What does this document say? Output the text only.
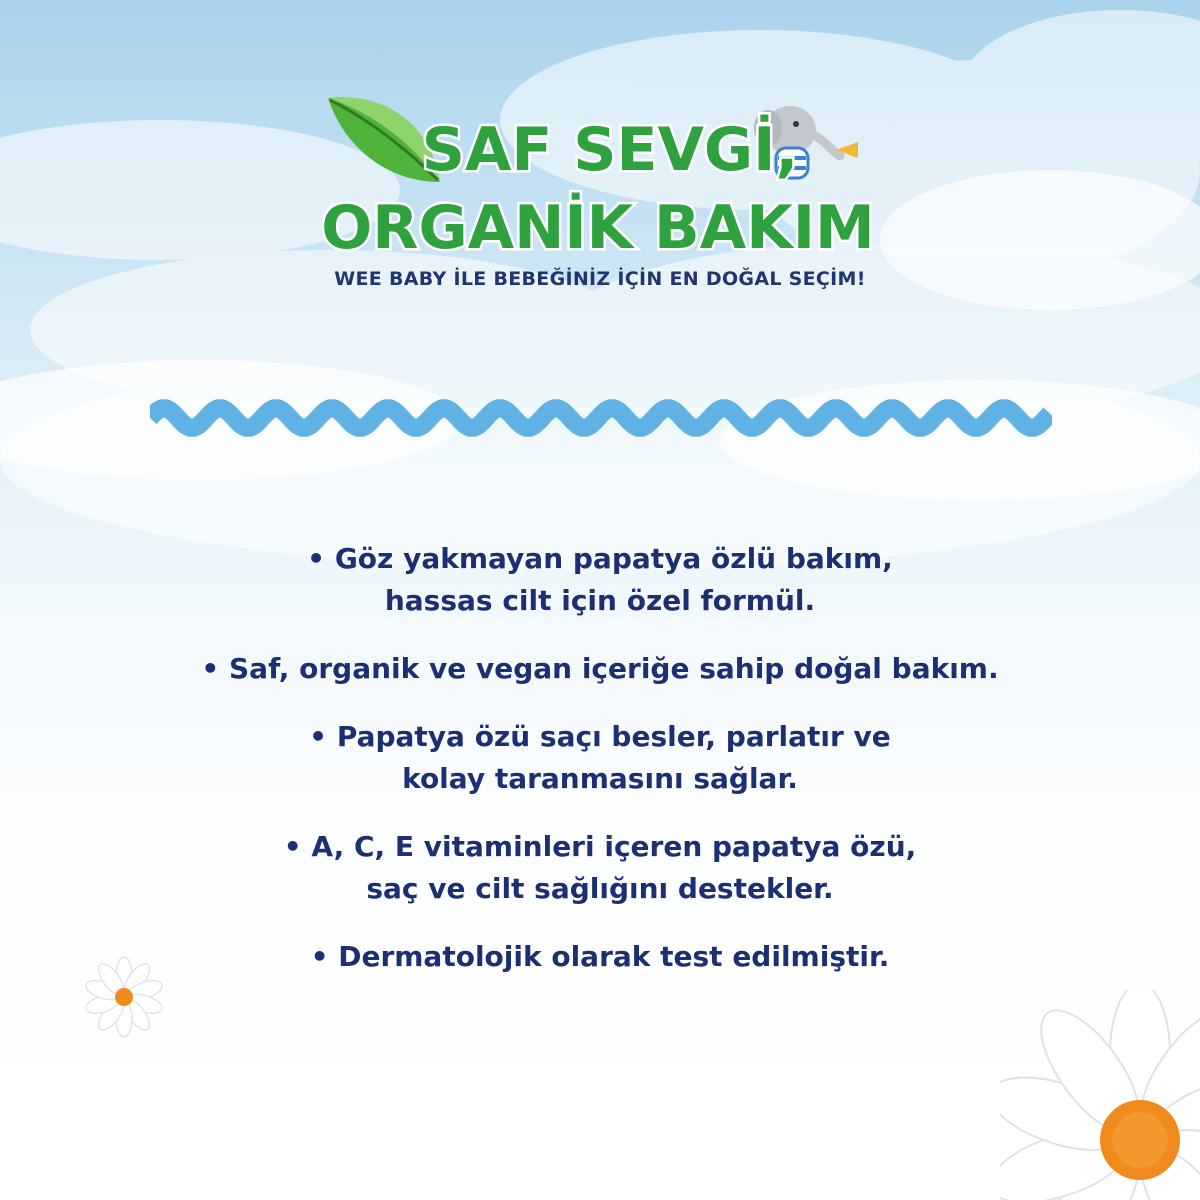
SAF SEVGİ,
ORGANİK BAKIM
WEE BABY İLE BEBEĞİNİZ İÇİN EN DOĞAL SEÇİM!
• Göz yakmayan papatya özlü bakım,
hassas cilt için özel formül.
• Saf, organik ve vegan içeriğe sahip doğal bakım.
• Papatya özü saçı besler, parlatır ve
kolay taranmasını sağlar.
• A, C, E vitaminleri içeren papatya özü,
saç ve cilt sağlığını destekler.
• Dermatolojik olarak test edilmiştir.
